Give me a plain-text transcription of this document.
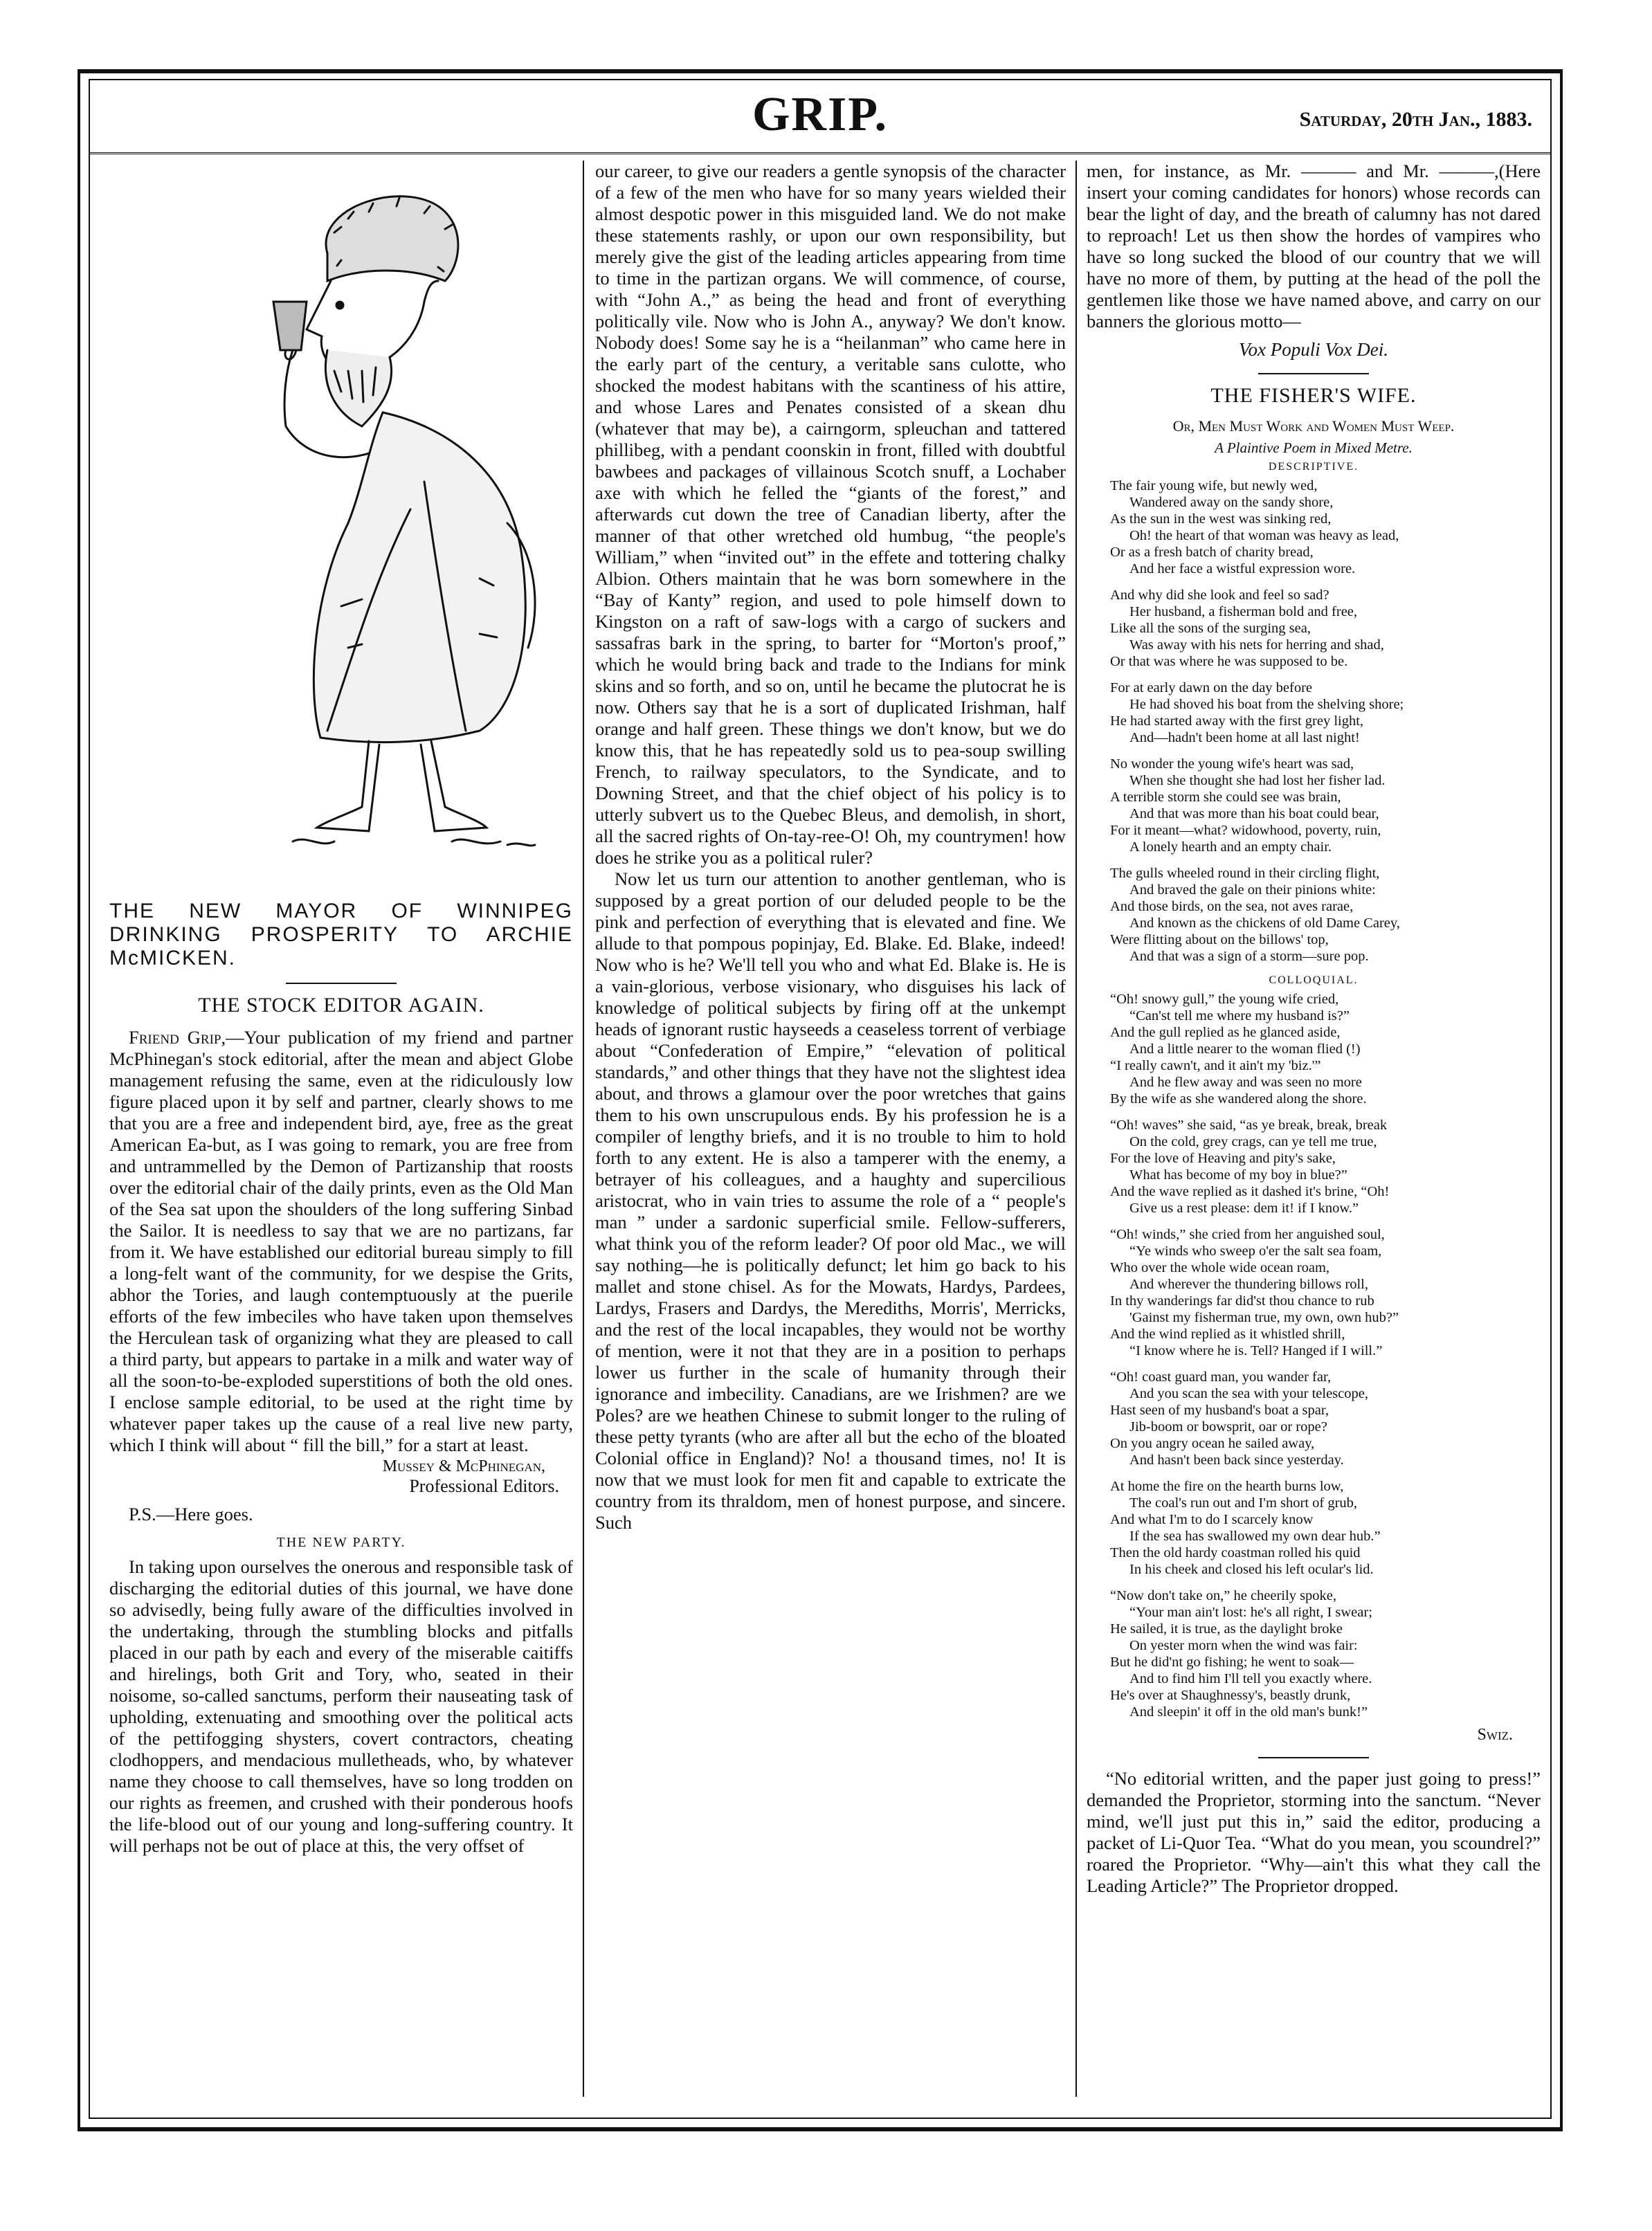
GRIP.	Saturday, 20th Jan., 1883.
THE NEW MAYOR OF WINNIPEG DRINKING PROSPERITY TO ARCHIE McMICKEN.
THE STOCK EDITOR AGAIN.

Friend Grip,—Your publication of my friend and partner McPhinegan's stock editorial, after the mean and abject Globe management refusing the same, even at the ridiculously low figure placed upon it by self and partner, clearly shows to me that you are a free and independent bird, aye, free as the great American Ea-but, as I was going to remark, you are free from and untrammelled by the Demon of Partizanship that roosts over the editorial chair of the daily prints, even as the Old Man of the Sea sat upon the shoulders of the long suffering Sinbad the Sailor. It is needless to say that we are no partizans, far from it. We have established our editorial bureau simply to fill a long-felt want of the community, for we despise the Grits, abhor the Tories, and laugh contemptuously at the puerile efforts of the few imbeciles who have taken upon themselves the Herculean task of organizing what they are pleased to call a third party, but appears to partake in a milk and water way of all the soon-to-be-exploded superstitions of both the old ones. I enclose sample editorial, to be used at the right time by whatever paper takes up the cause of a real live new party, which I think will about “ fill the bill,” for a start at least.

Mussey & McPhinegan,
Professional Editors.

P.S.—Here goes.

THE NEW PARTY.

In taking upon ourselves the onerous and responsible task of discharging the editorial duties of this journal, we have done so advisedly, being fully aware of the difficulties involved in the undertaking, through the stumbling blocks and pitfalls placed in our path by each and every of the miserable caitiffs and hirelings, both Grit and Tory, who, seated in their noisome, so-called sanctums, perform their nauseating task of upholding, extenuating and smoothing over the political acts of the pettifogging shysters, covert contractors, cheating clodhoppers, and mendacious mulletheads, who, by whatever name they choose to call themselves, have so long trodden on our rights as freemen, and crushed with their ponderous hoofs the life-blood out of our young and long-suffering country. It will perhaps not be out of place at this, the very offset of

our career, to give our readers a gentle synopsis of the character of a few of the men who have for so many years wielded their almost despotic power in this misguided land. We do not make these statements rashly, or upon our own responsibility, but merely give the gist of the leading articles appearing from time to time in the partizan organs. We will commence, of course, with “John A.,” as being the head and front of everything politically vile. Now who is John A., anyway? We don't know. Nobody does! Some say he is a “heilanman” who came here in the early part of the century, a veritable sans culotte, who shocked the modest habitans with the scantiness of his attire, and whose Lares and Penates consisted of a skean dhu (whatever that may be), a cairngorm, spleuchan and tattered phillibeg, with a pendant coonskin in front, filled with doubtful bawbees and packages of villainous Scotch snuff, a Lochaber axe with which he felled the “giants of the forest,” and afterwards cut down the tree of Canadian liberty, after the manner of that other wretched old humbug, “the people's William,” when “invited out” in the effete and tottering chalky Albion. Others maintain that he was born somewhere in the “Bay of Kanty” region, and used to pole himself down to Kingston on a raft of saw-logs with a cargo of suckers and sassafras bark in the spring, to barter for “Morton's proof,” which he would bring back and trade to the Indians for mink skins and so forth, and so on, until he became the plutocrat he is now. Others say that he is a sort of duplicated Irishman, half orange and half green. These things we don't know, but we do know this, that he has repeatedly sold us to pea-soup swilling French, to railway speculators, to the Syndicate, and to Downing Street, and that the chief object of his policy is to utterly subvert us to the Quebec Bleus, and demolish, in short, all the sacred rights of On-tay-ree-O! Oh, my countrymen! how does he strike you as a political ruler?

Now let us turn our attention to another gentleman, who is supposed by a great portion of our deluded people to be the pink and perfection of everything that is elevated and fine. We allude to that pompous popinjay, Ed. Blake. Ed. Blake, indeed! Now who is he? We'll tell you who and what Ed. Blake is. He is a vain-glorious, verbose visionary, who disguises his lack of knowledge of political subjects by firing off at the unkempt heads of ignorant rustic hayseeds a ceaseless torrent of verbiage about “Confederation of Empire,” “elevation of political standards,” and other things that they have not the slightest idea about, and throws a glamour over the poor wretches that gains them to his own unscrupulous ends. By his profession he is a compiler of lengthy briefs, and it is no trouble to him to hold forth to any extent. He is also a tamperer with the enemy, a betrayer of his colleagues, and a haughty and supercilious aristocrat, who in vain tries to assume the role of a “ people's man ” under a sardonic superficial smile. Fellow-sufferers, what think you of the reform leader? Of poor old Mac., we will say nothing—he is politically defunct; let him go back to his mallet and stone chisel. As for the Mowats, Hardys, Pardees, Lardys, Frasers and Dardys, the Merediths, Morris', Merricks, and the rest of the local incapables, they would not be worthy of mention, were it not that they are in a position to perhaps lower us further in the scale of humanity through their ignorance and imbecility. Canadians, are we Irishmen? are we Poles? are we heathen Chinese to submit longer to the ruling of these petty tyrants (who are after all but the echo of the bloated Colonial office in England)? No! a thousand times, no! It is now that we must look for men fit and capable to extricate the country from its thraldom, men of honest purpose, and sincere. Such

men, for instance, as Mr. ——— and Mr. ———,(Here insert your coming candidates for honors) whose records can bear the light of day, and the breath of calumny has not dared to reproach! Let us then show the hordes of vampires who have so long sucked the blood of our country that we will have no more of them, by putting at the head of the poll the gentlemen like those we have named above, and carry on our banners the glorious motto—

Vox Populi Vox Dei.
THE FISHER'S WIFE.
Or, Men Must Work and Women Must Weep.
A Plaintive Poem in Mixed Metre.
DESCRIPTIVE.
The fair young wife, but newly wed,
Wandered away on the sandy shore,
As the sun in the west was sinking red,
Oh! the heart of that woman was heavy as lead,
Or as a fresh batch of charity bread,
And her face a wistful expression wore.
And why did she look and feel so sad?
Her husband, a fisherman bold and free,
Like all the sons of the surging sea,
Was away with his nets for herring and shad,
Or that was where he was supposed to be.
For at early dawn on the day before
He had shoved his boat from the shelving shore;
He had started away with the first grey light,
And—hadn't been home at all last night!
No wonder the young wife's heart was sad,
When she thought she had lost her fisher lad.
A terrible storm she could see was brain,
And that was more than his boat could bear,
For it meant—what? widowhood, poverty, ruin,
A lonely hearth and an empty chair.
The gulls wheeled round in their circling flight,
And braved the gale on their pinions white:
And those birds, on the sea, not aves rarae,
And known as the chickens of old Dame Carey,
Were flitting about on the billows' top,
And that was a sign of a storm—sure pop.
COLLOQUIAL.
“Oh! snowy gull,” the young wife cried,
“Can'st tell me where my husband is?”
And the gull replied as he glanced aside,
And a little nearer to the woman flied (!)
“I really cawn't, and it ain't my 'biz.'”
And he flew away and was seen no more
By the wife as she wandered along the shore.
“Oh! waves” she said, “as ye break, break, break
On the cold, grey crags, can ye tell me true,
For the love of Heaving and pity's sake,
What has become of my boy in blue?”
And the wave replied as it dashed it's brine, “Oh!
Give us a rest please: dem it! if I know.”
“Oh! winds,” she cried from her anguished soul,
“Ye winds who sweep o'er the salt sea foam,
Who over the whole wide ocean roam,
And wherever the thundering billows roll,
In thy wanderings far did'st thou chance to rub
'Gainst my fisherman true, my own, own hub?”
And the wind replied as it whistled shrill,
“I know where he is. Tell? Hanged if I will.”
“Oh! coast guard man, you wander far,
And you scan the sea with your telescope,
Hast seen of my husband's boat a spar,
Jib-boom or bowsprit, oar or rope?
On you angry ocean he sailed away,
And hasn't been back since yesterday.
At home the fire on the hearth burns low,
The coal's run out and I'm short of grub,
And what I'm to do I scarcely know
If the sea has swallowed my own dear hub.”
Then the old hardy coastman rolled his quid
In his cheek and closed his left ocular's lid.
“Now don't take on,” he cheerily spoke,
“Your man ain't lost: he's all right, I swear;
He sailed, it is true, as the daylight broke
On yester morn when the wind was fair:
But he did'nt go fishing; he went to soak—
And to find him I'll tell you exactly where.
He's over at Shaughnessy's, beastly drunk,
And sleepin' it off in the old man's bunk!”
Swiz.

“No editorial written, and the paper just going to press!” demanded the Proprietor, storming into the sanctum. “Never mind, we'll just put this in,” said the editor, producing a packet of Li-Quor Tea. “What do you mean, you scoundrel?” roared the Proprietor. “Why—ain't this what they call the Leading Article?” The Proprietor dropped.
